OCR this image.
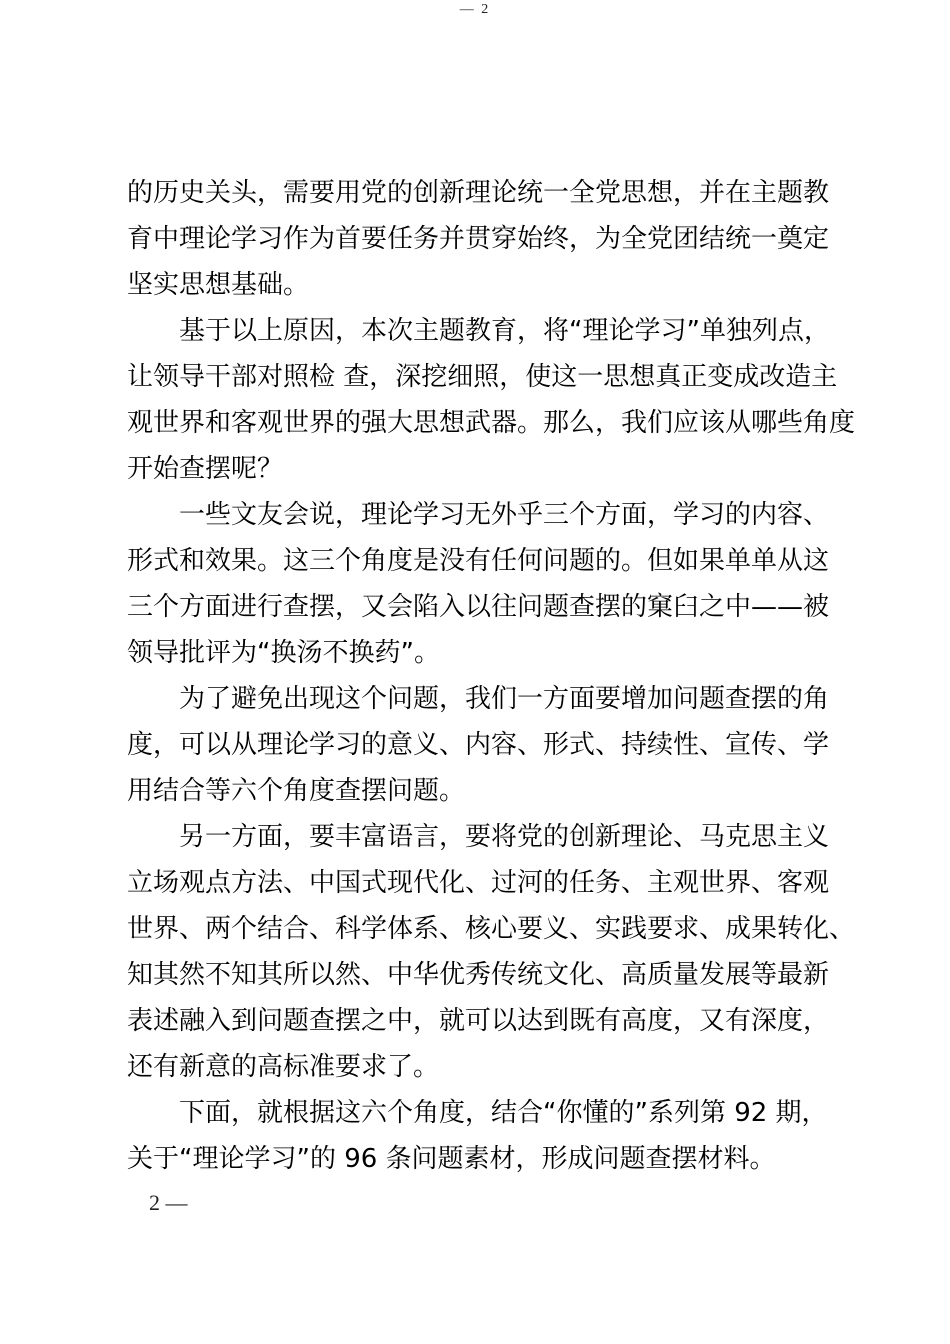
— 2
的历史关头，需要用党的创新理论统一全党思想，并在主题教
育中理论学习作为首要任务并贯穿始终，为全党团结统一奠定
坚实思想基础。
基于以上原因，本次主题教育，将“理论学习”单独列点，
让领导干部对照检 查，深挖细照，使这一思想真正变成改造主
观世界和客观世界的强大思想武器。那么，我们应该从哪些角度
开始查摆呢？
一些文友会说，理论学习无外乎三个方面，学习的内容、
形式和效果。这三个角度是没有任何问题的。但如果单单从这
三个方面进行查摆，又会陷入以往问题查摆的窠臼之中——被
领导批评为“换汤不换药”。
为了避免出现这个问题，我们一方面要增加问题查摆的角
度，可以从理论学习的意义、内容、形式、持续性、宣传、学
用结合等六个角度查摆问题。
另一方面，要丰富语言，要将党的创新理论、马克思主义
立场观点方法、中国式现代化、过河的任务、主观世界、客观
世界、两个结合、科学体系、核心要义、实践要求、成果转化、
知其然不知其所以然、中华优秀传统文化、高质量发展等最新
表述融入到问题查摆之中，就可以达到既有高度，又有深度，
还有新意的高标准要求了。
下面，就根据这六个角度，结合“你懂的”系列第 92 期，
关于“理论学习”的 96 条问题素材，形成问题查摆材料。
2 —
